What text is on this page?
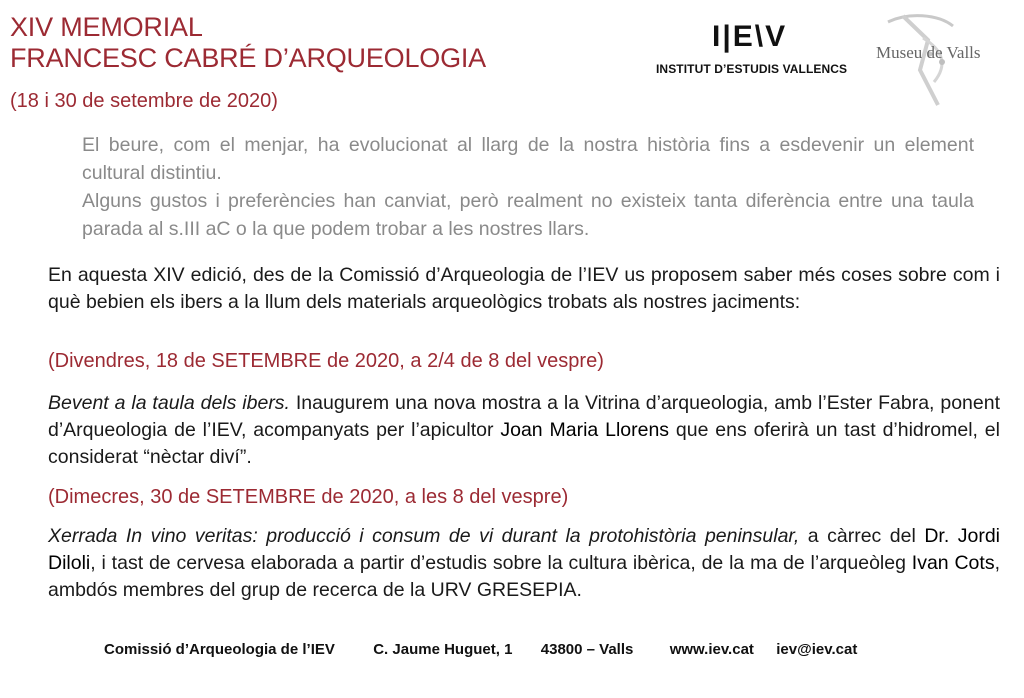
XIV MEMORIAL
FRANCESC CABRÉ D’ARQUEOLOGIA
(18 i 30 de setembre de 2020)
I|E\V
INSTITUT D’ESTUDIS VALLENCS
Museu de Valls

El beure, com el menjar, ha evolucionat al llarg de la nostra història fins a esdevenir un element cultural distintiu.

Alguns gustos i preferències han canviat, però realment no existeix tanta diferència entre una taula parada al s.III aC o la que podem trobar a les nostres llars.

En aquesta XIV edició, des de la Comissió d’Arqueologia de l’IEV us proposem saber més coses sobre com i què bebien els ibers a la llum dels materials arqueològics trobats als nostres jaciments:

(Divendres, 18 de SETEMBRE de 2020, a 2/4 de 8 del vespre)

Bevent a la taula dels ibers. Inaugurem una nova mostra a la Vitrina d’arqueologia, amb l’Ester Fabra, ponent d’Arqueologia de l’IEV, acompanyats per l’apicultor Joan Maria Llorens que ens oferirà un tast d’hidromel, el considerat “nèctar diví”.

(Dimecres, 30 de SETEMBRE de 2020, a les 8 del vespre)

Xerrada In vino veritas: producció i consum de vi durant la protohistòria peninsular, a càrrec del Dr. Jordi Diloli, i tast de cervesa elaborada a partir d’estudis sobre la cultura ibèrica, de la ma de l’arqueòleg Ivan Cots, ambdós membres del grup de recerca de la URV GRESEPIA.

Comissió d’Arqueologia de l’IEV	C. Jaume Huguet, 1 43800 – Valls www.iev.cat iev@iev.cat
